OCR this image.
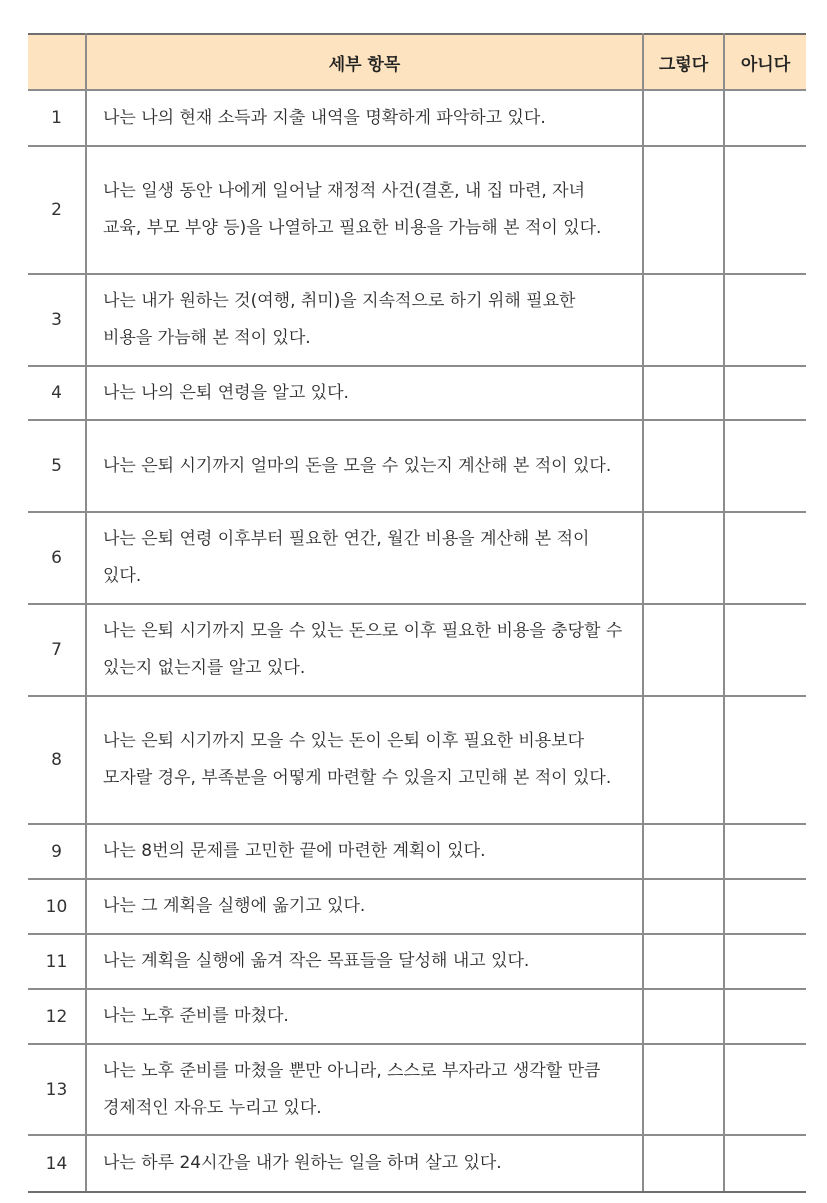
	세부 항목	그렇다	아니다
1	나는 나의 현재 소득과 지출 내역을 명확하게 파악하고 있다.		
2	나는 일생 동안 나에게 일어날 재정적 사건(결혼, 내 집 마련, 자녀 교육, 부모 부양 등)을 나열하고 필요한 비용을 가늠해 본 적이 있다.		
3	나는 내가 원하는 것(여행, 취미)을 지속적으로 하기 위해 필요한 비용을 가늠해 본 적이 있다.		
4	나는 나의 은퇴 연령을 알고 있다.		
5	나는 은퇴 시기까지 얼마의 돈을 모을 수 있는지 계산해 본 적이 있다.		
6	나는 은퇴 연령 이후부터 필요한 연간, 월간 비용을 계산해 본 적이 있다.		
7	나는 은퇴 시기까지 모을 수 있는 돈으로 이후 필요한 비용을 충당할 수 있는지 없는지를 알고 있다.		
8	나는 은퇴 시기까지 모을 수 있는 돈이 은퇴 이후 필요한 비용보다 모자랄 경우, 부족분을 어떻게 마련할 수 있을지 고민해 본 적이 있다.		
9	나는 8번의 문제를 고민한 끝에 마련한 계획이 있다.		
10	나는 그 계획을 실행에 옮기고 있다.		
11	나는 계획을 실행에 옮겨 작은 목표들을 달성해 내고 있다.		
12	나는 노후 준비를 마쳤다.		
13	나는 노후 준비를 마쳤을 뿐만 아니라, 스스로 부자라고 생각할 만큼 경제적인 자유도 누리고 있다.		
14	나는 하루 24시간을 내가 원하는 일을 하며 살고 있다.		
